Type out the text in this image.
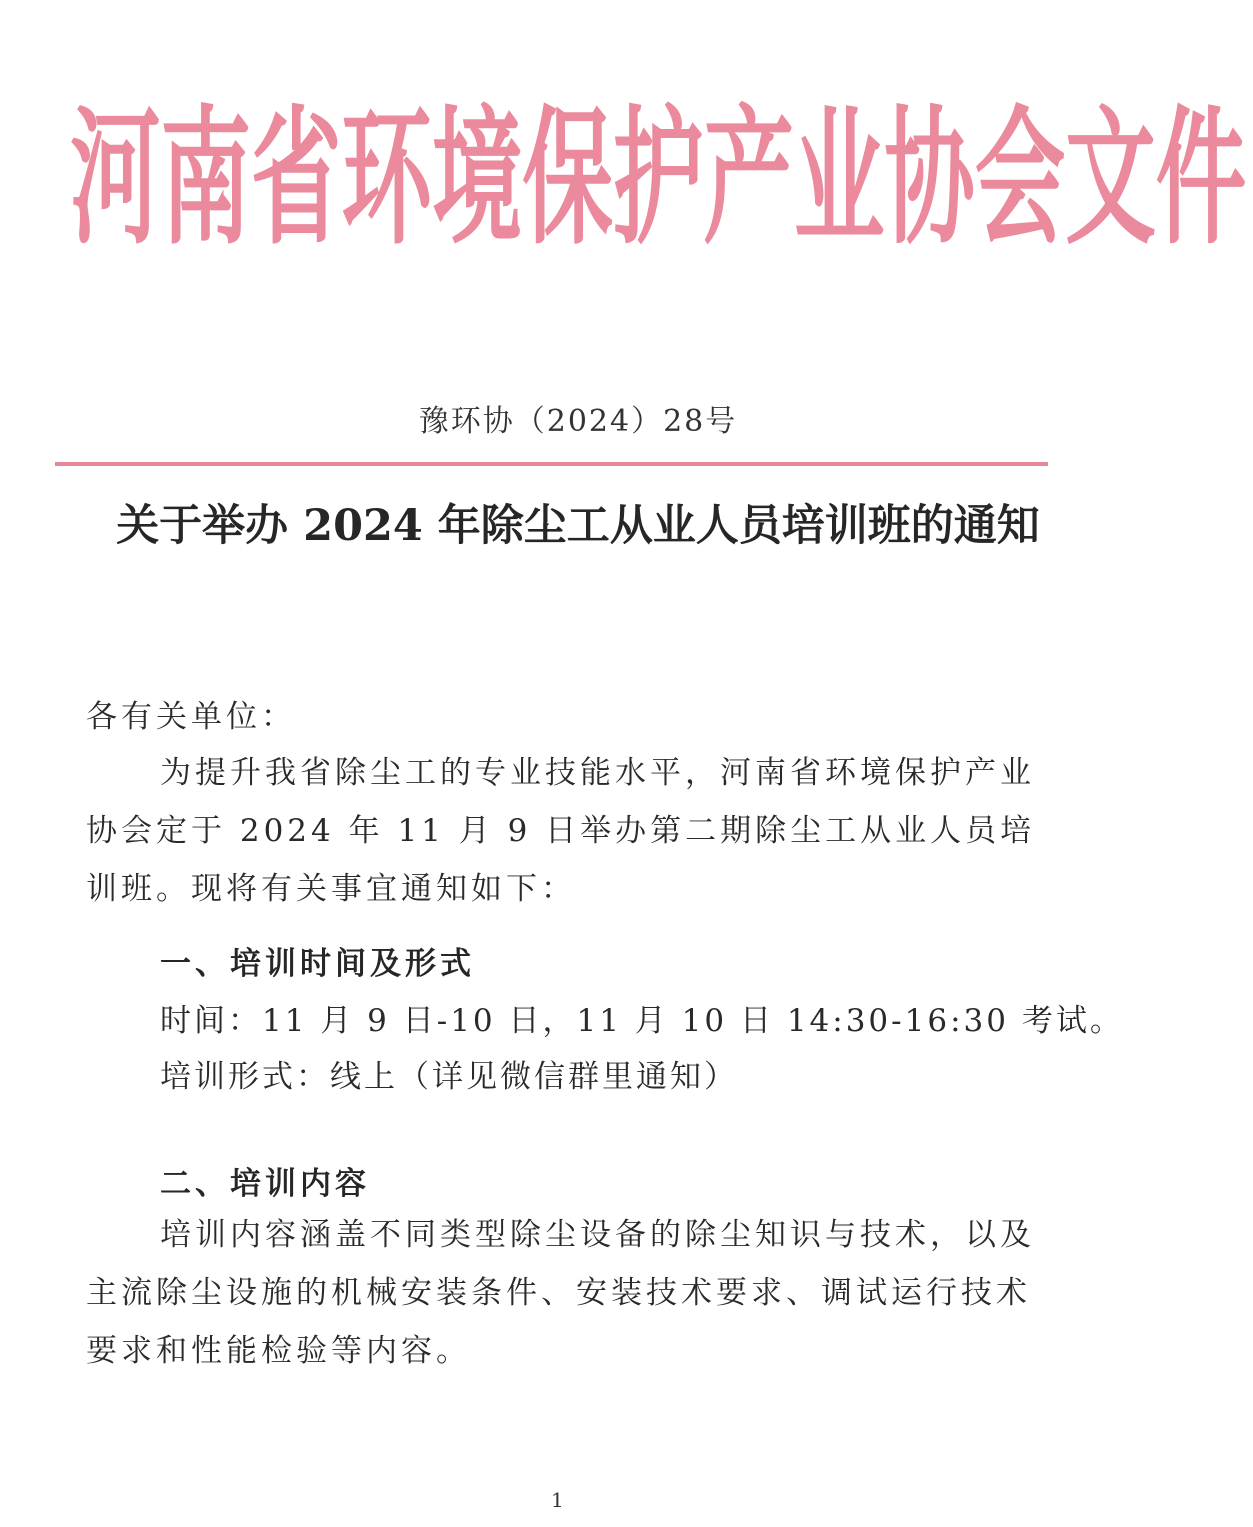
河南省环境保护产业协会文件
豫环协（2024）28号
关于举办 2024 年除尘工从业人员培训班的通知
各有关单位：
为提升我省除尘工的专业技能水平，河南省环境保护产业协会定于 2024 年 11 月 9 日举办第二期除尘工从业人员培训班。现将有关事宜通知如下：
一、培训时间及形式
时间：11 月 9 日-10 日，11 月 10 日 14:30-16:30 考试。
培训形式：线上（详见微信群里通知）
二、培训内容
培训内容涵盖不同类型除尘设备的除尘知识与技术，以及主流除尘设施的机械安装条件、安装技术要求、调试运行技术要求和性能检验等内容。
1
